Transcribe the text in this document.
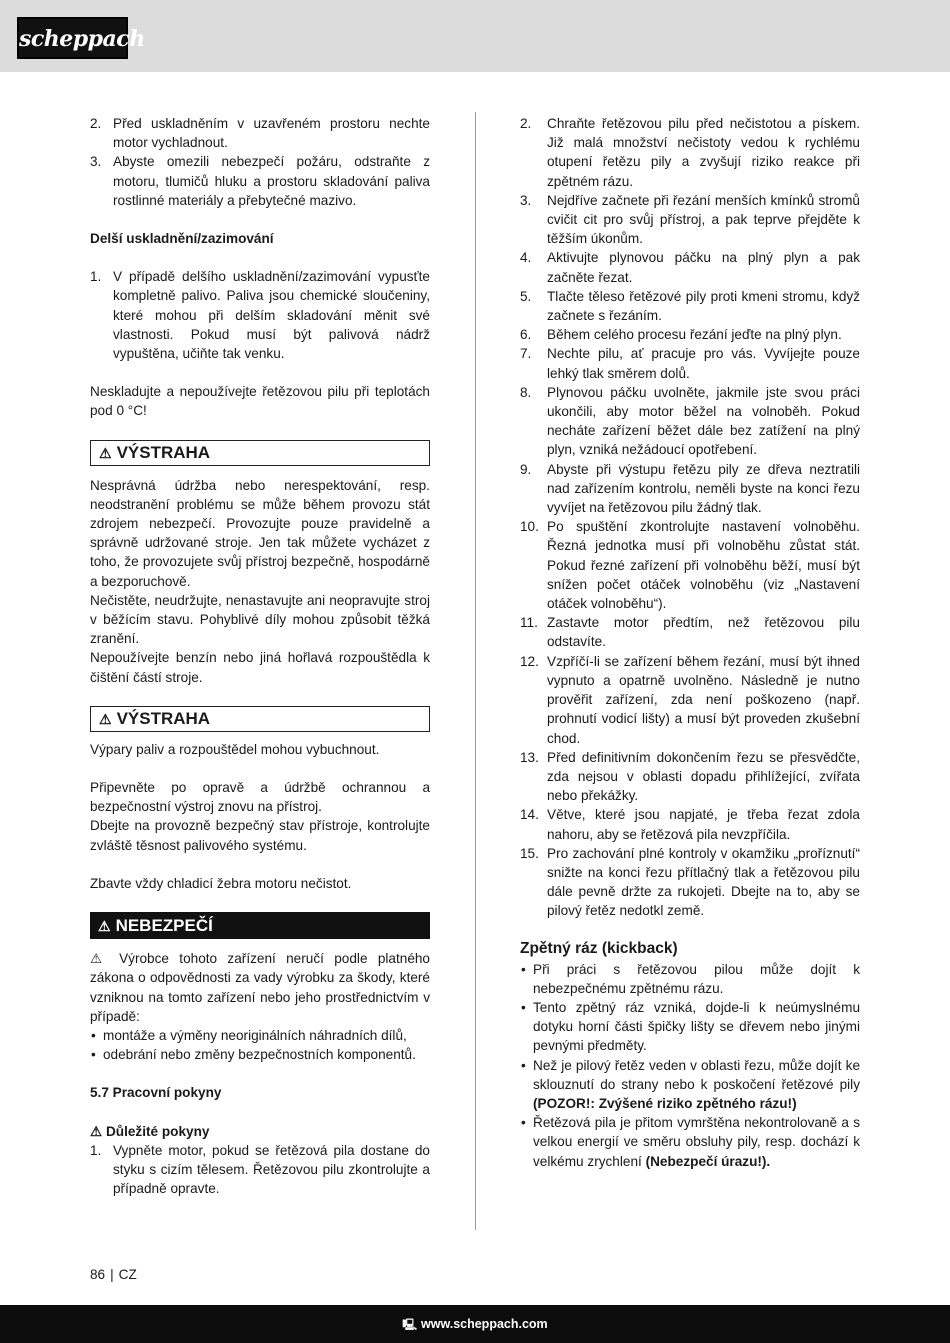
scheppach
2. Před uskladněním v uzavřeném prostoru nechte motor vychladnout.
3. Abyste omezili nebezpečí požáru, odstraňte z motoru, tlumičů hluku a prostoru skladování paliva rostlinné materiály a přebytečné mazivo.
Delší uskladnění/zazimování
1. V případě delšího uskladnění/zazimování vypusťte kompletně palivo. Paliva jsou chemické sloučeniny, které mohou při delším skladování měnit své vlastnosti. Pokud musí být palivová nádrž vypuštěna, učiňte tak venku.

Neskladujte a nepoužívejte řetězovou pilu při teplotách pod 0 °C!

⚠ VÝSTRAHA

Nesprávná údržba nebo nerespektování, resp. neodstranění problému se může během provozu stát zdrojem nebezpečí. Provozujte pouze pravidelně a správně udržované stroje. Jen tak můžete vycházet z toho, že provozujete svůj přístroj bezpečně, hospodárně a bezporuchově.

Nečistěte, neudržujte, nenastavujte ani neopravujte stroj v běžícím stavu. Pohyblivé díly mohou způsobit těžká zranění.

Nepoužívejte benzín nebo jiná hořlavá rozpouštědla k čištění částí stroje.

⚠ VÝSTRAHA

Výpary paliv a rozpouštědel mohou vybuchnout.

Připevněte po opravě a údržbě ochrannou a bezpečnostní výstroj znovu na přístroj.

Dbejte na provozně bezpečný stav přístroje, kontrolujte zvláště těsnost palivového systému.

Zbavte vždy chladicí žebra motoru nečistot.

⚠ NEBEZPEČÍ

⚠ Výrobce tohoto zařízení neručí podle platného zákona o odpovědnosti za vady výrobku za škody, které vzniknou na tomto zařízení nebo jeho prostřednictvím v případě:

• montáže a výměny neoriginálních náhradních dílů,
• odebrání nebo změny bezpečnostních komponentů.
5.7 Pracovní pokyny
⚠ Důležité pokyny
1. Vypněte motor, pokud se řetězová pila dostane do styku s cizím tělesem. Řetězovou pilu zkontrolujte a případně opravte.
2. Chraňte řetězovou pilu před nečistotou a pískem. Již malá množství nečistoty vedou k rychlému otupení řetězu pily a zvyšují riziko reakce při zpětném rázu.
3. Nejdříve začnete při řezání menších kmínků stromů cvičit cit pro svůj přístroj, a pak teprve přejděte k těžším úkonům.
4. Aktivujte plynovou páčku na plný plyn a pak začněte řezat.
5. Tlačte těleso řetězové pily proti kmeni stromu, když začnete s řezáním.
6. Během celého procesu řezání jeďte na plný plyn.
7. Nechte pilu, ať pracuje pro vás. Vyvíjejte pouze lehký tlak směrem dolů.
8. Plynovou páčku uvolněte, jakmile jste svou práci ukončili, aby motor běžel na volnoběh. Pokud necháte zařízení běžet dále bez zatížení na plný plyn, vzniká nežádoucí opotřebení.
9. Abyste při výstupu řetězu pily ze dřeva neztratili nad zařízením kontrolu, neměli byste na konci řezu vyvíjet na řetězovou pilu žádný tlak.
10. Po spuštění zkontrolujte nastavení volnoběhu. Řezná jednotka musí při volnoběhu zůstat stát. Pokud řezné zařízení při volnoběhu běží, musí být snížen počet otáček volnoběhu (viz „Nastavení otáček volnoběhu“).
11. Zastavte motor předtím, než řetězovou pilu odstavíte.
12. Vzpříčí-li se zařízení během řezání, musí být ihned vypnuto a opatrně uvolněno. Následně je nutno prověřit zařízení, zda není poškozeno (např. prohnutí vodicí lišty) a musí být proveden zkušební chod.
13. Před definitivním dokončením řezu se přesvědčte, zda nejsou v oblasti dopadu přihlížející, zvířata nebo překážky.
14. Větve, které jsou napjaté, je třeba řezat zdola nahoru, aby se řetězová pila nevzpříčila.
15. Pro zachování plné kontroly v okamžiku „proříznutí“ snižte na konci řezu přítlačný tlak a řetězovou pilu dále pevně držte za rukojeti. Dbejte na to, aby se pilový řetěz nedotkl země.
Zpětný ráz (kickback)
• Při práci s řetězovou pilou může dojít k nebezpečnému zpětnému rázu.
• Tento zpětný ráz vzniká, dojde-li k neúmyslnému dotyku horní části špičky lišty se dřevem nebo jinými pevnými předměty.
• Než je pilový řetěz veden v oblasti řezu, může dojít ke sklouznutí do strany nebo k poskočení řetězové pily (POZOR!: Zvýšené riziko zpětného rázu!)
• Řetězová pila je přitom vymrštěna nekontrolovaně a s velkou energií ve směru obsluhy pily, resp. dochází k velkému zrychlení (Nebezpečí úrazu!).
86 | CZ
🖳 www.scheppach.com
